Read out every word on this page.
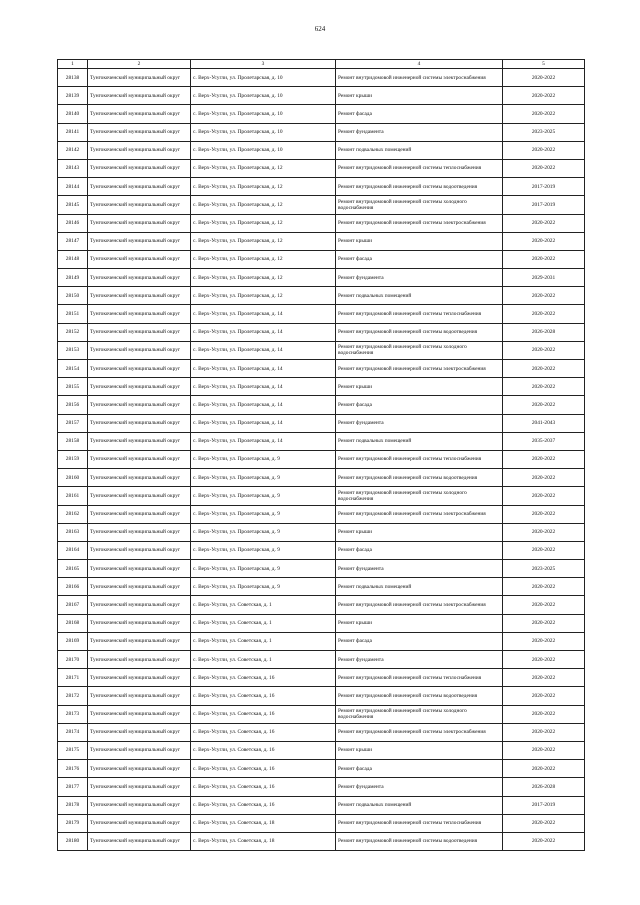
624
1	2	3	4	5
28138	Тунгокоченский муниципальный округ	с. Верх-Усугли, ул. Пролетарская, д. 10	Ремонт внутридомовой инженерной системы электроснабжения	2020-2022
28139	Тунгокоченский муниципальный округ	с. Верх-Усугли, ул. Пролетарская, д. 10	Ремонт крыши	2020-2022
28140	Тунгокоченский муниципальный округ	с. Верх-Усугли, ул. Пролетарская, д. 10	Ремонт фасада	2020-2022
28141	Тунгокоченский муниципальный округ	с. Верх-Усугли, ул. Пролетарская, д. 10	Ремонт фундамента	2023-2025
28142	Тунгокоченский муниципальный округ	с. Верх-Усугли, ул. Пролетарская, д. 10	Ремонт подвальных помещений	2020-2022
28143	Тунгокоченский муниципальный округ	с. Верх-Усугли, ул. Пролетарская, д. 12	Ремонт внутридомовой инженерной системы теплоснабжения	2020-2022
28144	Тунгокоченский муниципальный округ	с. Верх-Усугли, ул. Пролетарская, д. 12	Ремонт внутридомовой инженерной системы водоотведения	2017-2019
28145	Тунгокоченский муниципальный округ	с. Верх-Усугли, ул. Пролетарская, д. 12	Ремонт внутридомовой инженерной системы холодного водоснабжения	2017-2019
28146	Тунгокоченский муниципальный округ	с. Верх-Усугли, ул. Пролетарская, д. 12	Ремонт внутридомовой инженерной системы электроснабжения	2020-2022
28147	Тунгокоченский муниципальный округ	с. Верх-Усугли, ул. Пролетарская, д. 12	Ремонт крыши	2020-2022
28148	Тунгокоченский муниципальный округ	с. Верх-Усугли, ул. Пролетарская, д. 12	Ремонт фасада	2020-2022
28149	Тунгокоченский муниципальный округ	с. Верх-Усугли, ул. Пролетарская, д. 12	Ремонт фундамента	2029-2031
28150	Тунгокоченский муниципальный округ	с. Верх-Усугли, ул. Пролетарская, д. 12	Ремонт подвальных помещений	2020-2022
28151	Тунгокоченский муниципальный округ	с. Верх-Усугли, ул. Пролетарская, д. 14	Ремонт внутридомовой инженерной системы теплоснабжения	2020-2022
28152	Тунгокоченский муниципальный округ	с. Верх-Усугли, ул. Пролетарская, д. 14	Ремонт внутридомовой инженерной системы водоотведения	2026-2028
28153	Тунгокоченский муниципальный округ	с. Верх-Усугли, ул. Пролетарская, д. 14	Ремонт внутридомовой инженерной системы холодного водоснабжения	2020-2022
28154	Тунгокоченский муниципальный округ	с. Верх-Усугли, ул. Пролетарская, д. 14	Ремонт внутридомовой инженерной системы электроснабжения	2020-2022
28155	Тунгокоченский муниципальный округ	с. Верх-Усугли, ул. Пролетарская, д. 14	Ремонт крыши	2020-2022
28156	Тунгокоченский муниципальный округ	с. Верх-Усугли, ул. Пролетарская, д. 14	Ремонт фасада	2020-2022
28157	Тунгокоченский муниципальный округ	с. Верх-Усугли, ул. Пролетарская, д. 14	Ремонт фундамента	2041-2043
28158	Тунгокоченский муниципальный округ	с. Верх-Усугли, ул. Пролетарская, д. 14	Ремонт подвальных помещений	2035-2037
28159	Тунгокоченский муниципальный округ	с. Верх-Усугли, ул. Пролетарская, д. 9	Ремонт внутридомовой инженерной системы теплоснабжения	2020-2022
28160	Тунгокоченский муниципальный округ	с. Верх-Усугли, ул. Пролетарская, д. 9	Ремонт внутридомовой инженерной системы водоотведения	2020-2022
28161	Тунгокоченский муниципальный округ	с. Верх-Усугли, ул. Пролетарская, д. 9	Ремонт внутридомовой инженерной системы холодного водоснабжения	2020-2022
28162	Тунгокоченский муниципальный округ	с. Верх-Усугли, ул. Пролетарская, д. 9	Ремонт внутридомовой инженерной системы электроснабжения	2020-2022
28163	Тунгокоченский муниципальный округ	с. Верх-Усугли, ул. Пролетарская, д. 9	Ремонт крыши	2020-2022
28164	Тунгокоченский муниципальный округ	с. Верх-Усугли, ул. Пролетарская, д. 9	Ремонт фасада	2020-2022
28165	Тунгокоченский муниципальный округ	с. Верх-Усугли, ул. Пролетарская, д. 9	Ремонт фундамента	2023-2025
28166	Тунгокоченский муниципальный округ	с. Верх-Усугли, ул. Пролетарская, д. 9	Ремонт подвальных помещений	2020-2022
28167	Тунгокоченский муниципальный округ	с. Верх-Усугли, ул. Советская, д. 1	Ремонт внутридомовой инженерной системы электроснабжения	2020-2022
28168	Тунгокоченский муниципальный округ	с. Верх-Усугли, ул. Советская, д. 1	Ремонт крыши	2020-2022
28169	Тунгокоченский муниципальный округ	с. Верх-Усугли, ул. Советская, д. 1	Ремонт фасада	2020-2022
28170	Тунгокоченский муниципальный округ	с. Верх-Усугли, ул. Советская, д. 1	Ремонт фундамента	2020-2022
28171	Тунгокоченский муниципальный округ	с. Верх-Усугли, ул. Советская, д. 16	Ремонт внутридомовой инженерной системы теплоснабжения	2020-2022
28172	Тунгокоченский муниципальный округ	с. Верх-Усугли, ул. Советская, д. 16	Ремонт внутридомовой инженерной системы водоотведения	2020-2022
28173	Тунгокоченский муниципальный округ	с. Верх-Усугли, ул. Советская, д. 16	Ремонт внутридомовой инженерной системы холодного водоснабжения	2020-2022
28174	Тунгокоченский муниципальный округ	с. Верх-Усугли, ул. Советская, д. 16	Ремонт внутридомовой инженерной системы электроснабжения	2020-2022
28175	Тунгокоченский муниципальный округ	с. Верх-Усугли, ул. Советская, д. 16	Ремонт крыши	2020-2022
28176	Тунгокоченский муниципальный округ	с. Верх-Усугли, ул. Советская, д. 16	Ремонт фасада	2020-2022
28177	Тунгокоченский муниципальный округ	с. Верх-Усугли, ул. Советская, д. 16	Ремонт фундамента	2026-2028
28178	Тунгокоченский муниципальный округ	с. Верх-Усугли, ул. Советская, д. 16	Ремонт подвальных помещений	2017-2019
28179	Тунгокоченский муниципальный округ	с. Верх-Усугли, ул. Советская, д. 18	Ремонт внутридомовой инженерной системы теплоснабжения	2020-2022
28180	Тунгокоченский муниципальный округ	с. Верх-Усугли, ул. Советская, д. 18	Ремонт внутридомовой инженерной системы водоотведения	2020-2022
